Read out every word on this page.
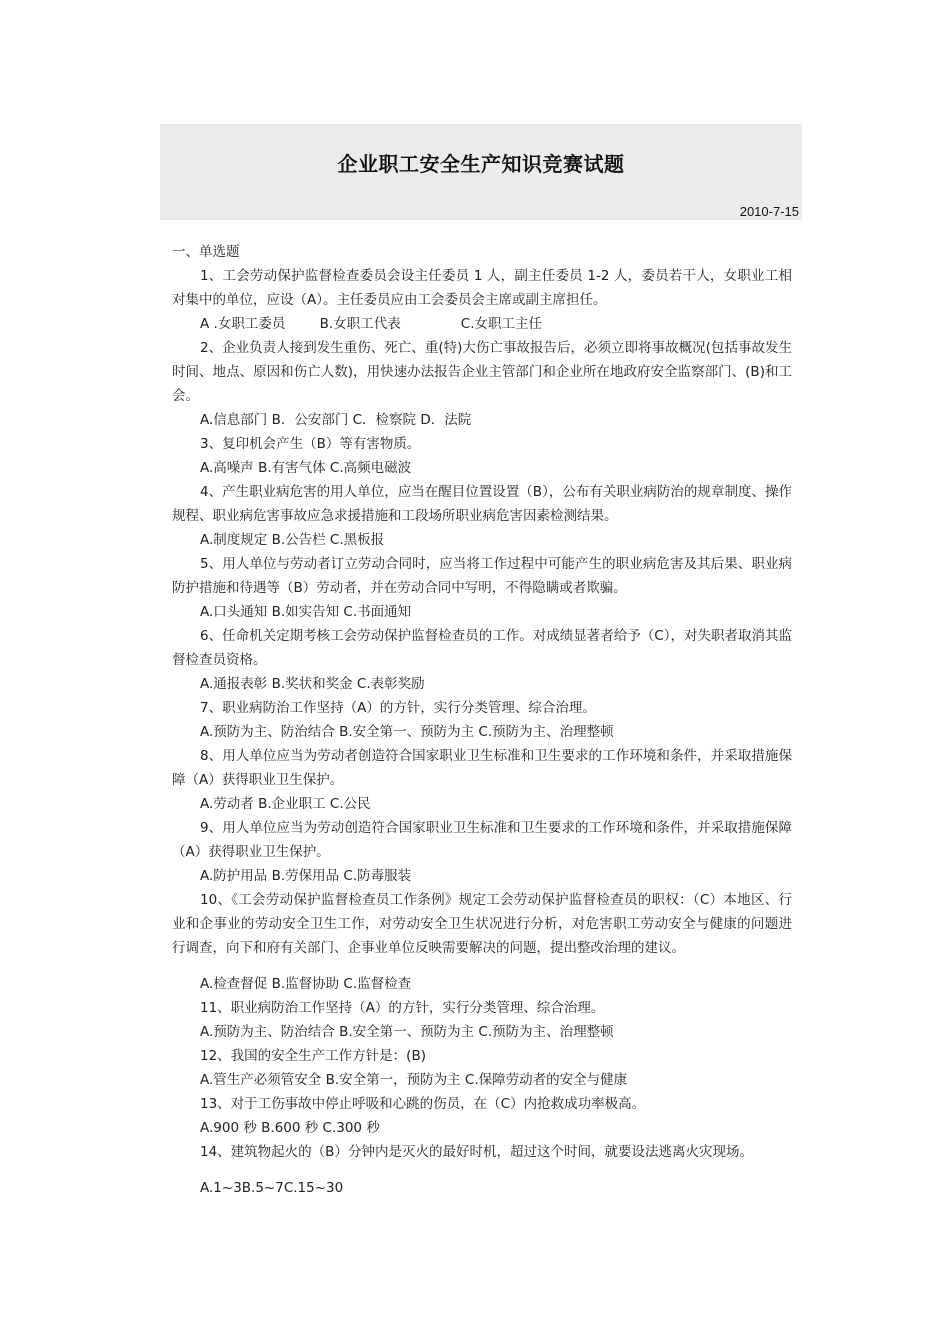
企业职工安全生产知识竞赛试题
2010-7-15
一、单选题

1、工会劳动保护监督检查委员会设主任委员 1 人，副主任委员 1-2 人，委员若干人，女职业工相对集中的单位，应设（A）。主任委员应由工会委员会主席或副主席担任。

A .女职工委员        B.女职工代表              C.女职工主任

2、企业负责人接到发生重伤、死亡、重(特)大伤亡事故报告后，必须立即将事故概况(包括事故发生时间、地点、原因和伤亡人数)，用快速办法报告企业主管部门和企业所在地政府安全监察部门、(B)和工会。

A.信息部门 B．公安部门 C．检察院 D．法院

3、复印机会产生（B）等有害物质。

A.高噪声 B.有害气体 C.高频电磁波

4、产生职业病危害的用人单位，应当在醒目位置设置（B），公布有关职业病防治的规章制度、操作规程、职业病危害事故应急求援措施和工段场所职业病危害因素检测结果。

A.制度规定 B.公告栏 C.黑板报

5、用人单位与劳动者订立劳动合同时，应当将工作过程中可能产生的职业病危害及其后果、职业病防护措施和待遇等（B）劳动者，并在劳动合同中写明，不得隐瞒或者欺骗。

A.口头通知 B.如实告知 C.书面通知

6、任命机关定期考核工会劳动保护监督检查员的工作。对成绩显著者给予（C），对失职者取消其监督检查员资格。

A.通报表彰 B.奖状和奖金 C.表彰奖励

7、职业病防治工作坚持（A）的方针，实行分类管理、综合治理。

A.预防为主、防治结合 B.安全第一、预防为主 C.预防为主、治理整顿

8、用人单位应当为劳动者创造符合国家职业卫生标准和卫生要求的工作环境和条件，并采取措施保障（A）获得职业卫生保护。

A.劳动者 B.企业职工 C.公民

9、用人单位应当为劳动创造符合国家职业卫生标准和卫生要求的工作环境和条件，并采取措施保障（A）获得职业卫生保护。

A.防护用品 B.劳保用品 C.防毒服装

10、《工会劳动保护监督检查员工作条例》规定工会劳动保护监督检查员的职权：（C）本地区、行业和企事业的劳动安全卫生工作，对劳动安全卫生状况进行分析，对危害职工劳动安全与健康的问题进行调查，向下和府有关部门、企事业单位反映需要解决的问题，提出整改治理的建议。

A.检查督促 B.监督协助 C.监督检查

11、职业病防治工作坚持（A）的方针，实行分类管理、综合治理。

A.预防为主、防治结合 B.安全第一、预防为主 C.预防为主、治理整顿

12、我国的安全生产工作方针是：(B)

A.管生产必须管安全 B.安全第一，预防为主 C.保障劳动者的安全与健康

13、对于工伤事故中停止呼吸和心跳的伤员，在（C）内抢救成功率极高。

A.900 秒 B.600 秒 C.300 秒

14、建筑物起火的（B）分钟内是灭火的最好时机，超过这个时间，就要设法逃离火灾现场。

A.1~3B.5~7C.15~30
